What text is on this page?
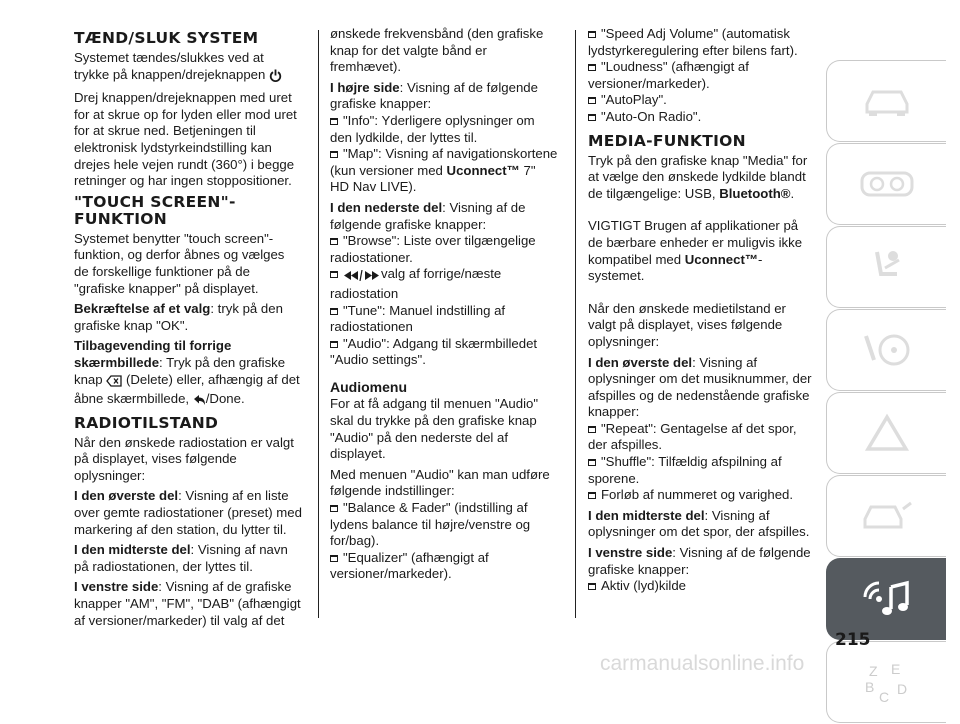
TÆND/SLUK SYSTEM

Systemet tændes/slukkes ved at trykke på knappen/drejeknappen

Drej knappen/drejeknappen med uret for at skrue op for lyden eller mod uret for at skrue ned. Betjeningen til elektronisk lydstyrkeindstilling kan drejes hele vejen rundt (360°) i begge retninger og har ingen stoppositioner.

"TOUCH SCREEN"-FUNKTION

Systemet benytter "touch screen"-funktion, og derfor åbnes og vælges de forskellige funktioner på de "grafiske knapper" på displayet.

Bekræftelse af et valg: tryk på den grafiske knap "OK".

Tilbagevending til forrige skærmbillede: Tryk på den grafiske knap (Delete) eller, afhængig af det åbne skærmbillede, /Done.

RADIOTILSTAND

Når den ønskede radiostation er valgt på displayet, vises følgende oplysninger:

I den øverste del: Visning af en liste over gemte radiostationer (preset) med markering af den station, du lytter til.

I den midterste del: Visning af navn på radiostationen, der lyttes til.

I venstre side: Visning af de grafiske knapper "AM", "FM", "DAB" (afhængigt af versioner/markeder) til valg af det

ønskede frekvensbånd (den grafiske knap for det valgte bånd er fremhævet).

I højre side: Visning af de følgende grafiske knapper:

"Info": Yderligere oplysninger om den lydkilde, der lyttes til.

"Map": Visning af navigationskortene (kun versioner med Uconnect™ 7" HD Nav LIVE).

I den nederste del: Visning af de følgende grafiske knapper:

"Browse": Liste over tilgængelige radiostationer.

valg af forrige/næste radiostation

"Tune": Manuel indstilling af radiostationen

"Audio": Adgang til skærmbilledet "Audio settings".

Audiomenu

For at få adgang til menuen "Audio" skal du trykke på den grafiske knap "Audio" på den nederste del af displayet.

Med menuen "Audio" kan man udføre følgende indstillinger:

"Balance & Fader" (indstilling af lydens balance til højre/venstre og for/bag).

"Equalizer" (afhængigt af versioner/markeder).

"Speed Adj Volume" (automatisk lydstyrkeregulering efter bilens fart).

"Loudness" (afhængigt af versioner/markeder).

"AutoPlay".

"Auto-On Radio".

MEDIA-FUNKTION

Tryk på den grafiske knap "Media" for at vælge den ønskede lydkilde blandt de tilgængelige: USB, Bluetooth®.

VIGTIGT Brugen af applikationer på de bærbare enheder er muligvis ikke kompatibel med Uconnect™-systemet.

Når den ønskede medietilstand er valgt på displayet, vises følgende oplysninger:

I den øverste del: Visning af oplysninger om det musiknummer, der afspilles og de nedenstående grafiske knapper:

"Repeat": Gentagelse af det spor, der afspilles.

"Shuffle": Tilfældig afspilning af sporene.

Forløb af nummeret og varighed.

I den midterste del: Visning af oplysninger om det spor, der afspilles.

I venstre side: Visning af de følgende grafiske knapper:

Aktiv (lyd)kilde

Z E
B D
C
215
carmanualsonline.info
